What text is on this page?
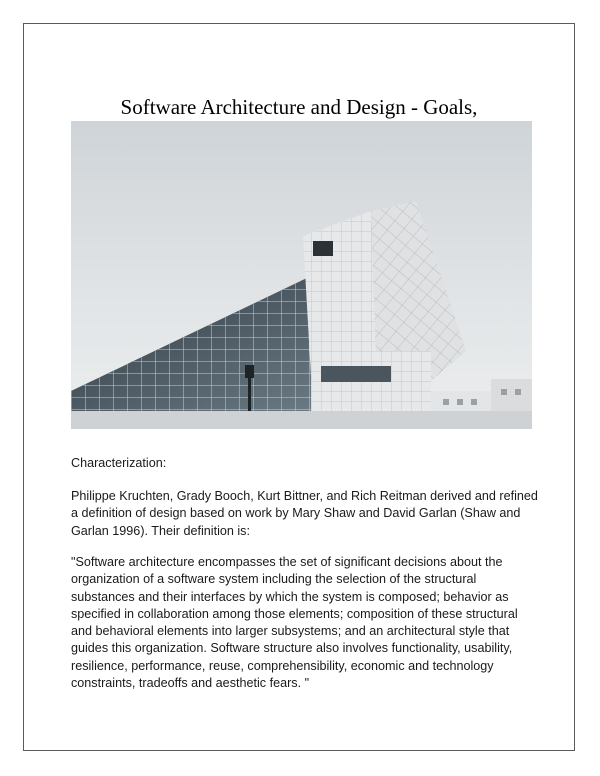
Software Architecture and Design - Goals,

Characterization:

Philippe Kruchten, Grady Booch, Kurt Bittner, and Rich Reitman derived and refined a definition of design based on work by Mary Shaw and David Garlan (Shaw and Garlan 1996). Their definition is:

"Software architecture encompasses the set of significant decisions about the organization of a software system including the selection of the structural substances and their interfaces by which the system is composed; behavior as specified in collaboration among those elements; composition of these structural and behavioral elements into larger subsystems; and an architectural style that guides this organization. Software structure also involves functionality, usability, resilience, performance, reuse, comprehensibility, economic and technology constraints, tradeoffs and aesthetic fears. "
